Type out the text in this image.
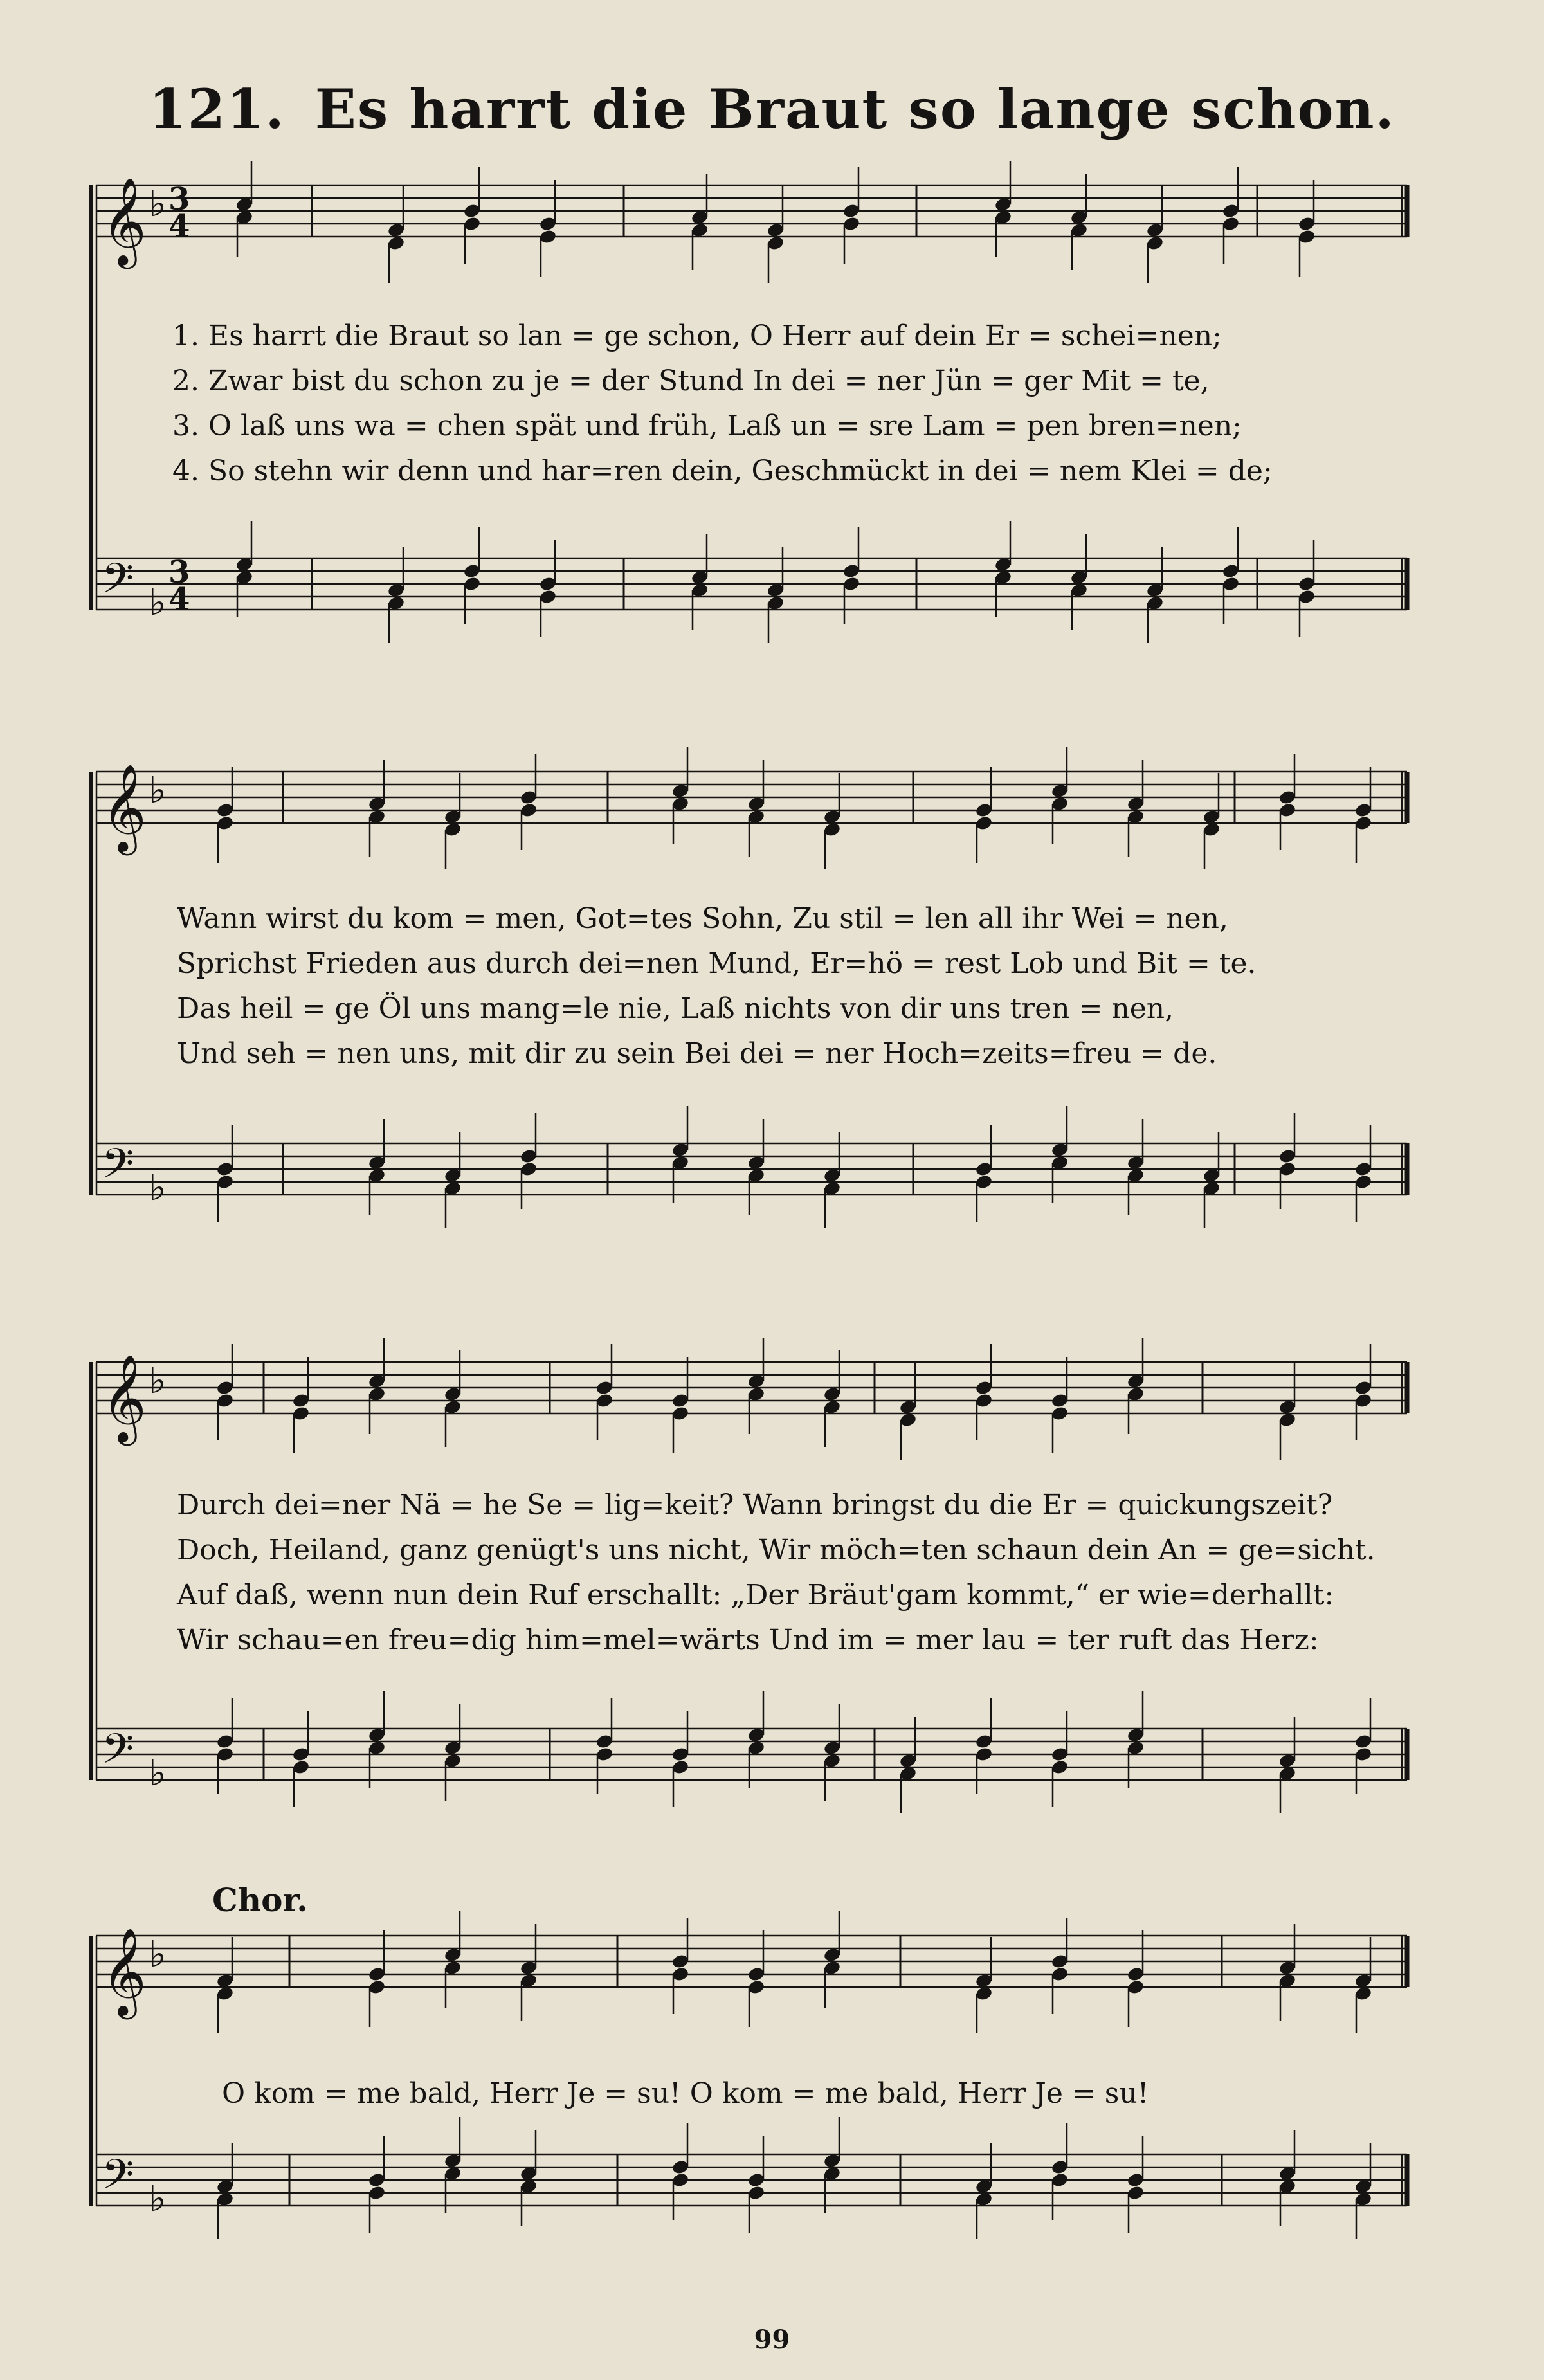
121. Es harrt die Braut so lange schon.
𝄞 ♭ 3
4
𝄢 ♭
3
4
𝄞 ♭
𝄢 ♭
𝄞 ♭
𝄢 ♭
𝄞 ♭
𝄢 ♭
1. Es harrt die Braut so lan = ge schon, O Herr auf dein Er = schei=nen;
2. Zwar bist du schon zu je = der Stund In dei = ner Jün = ger Mit = te,
3. O laß uns wa = chen spät und früh, Laß un = sre Lam = pen bren=nen;
4. So stehn wir denn und har=ren dein, Geschmückt in dei = nem Klei = de;
Wann wirst du kom = men, Got=tes Sohn, Zu stil = len all ihr Wei = nen,
Sprichst Frieden aus durch dei=nen Mund, Er=hö = rest Lob und Bit = te.
Das heil = ge Öl uns mang=le nie, Laß nichts von dir uns tren = nen,
Und seh = nen uns, mit dir zu sein Bei dei = ner Hoch=zeits=freu = de.
Durch dei=ner Nä = he Se = lig=keit? Wann bringst du die Er = quickungszeit?
Doch, Heiland, ganz genügt's uns nicht, Wir möch=ten schaun dein An = ge=sicht.
Auf daß, wenn nun dein Ruf erschallt: „Der Bräut'gam kommt,“ er wie=derhallt:
Wir schau=en freu=dig him=mel=wärts Und im = mer lau = ter ruft das Herz:
Chor.
O kom = me bald, Herr Je = su! O kom = me bald, Herr Je = su!
99
